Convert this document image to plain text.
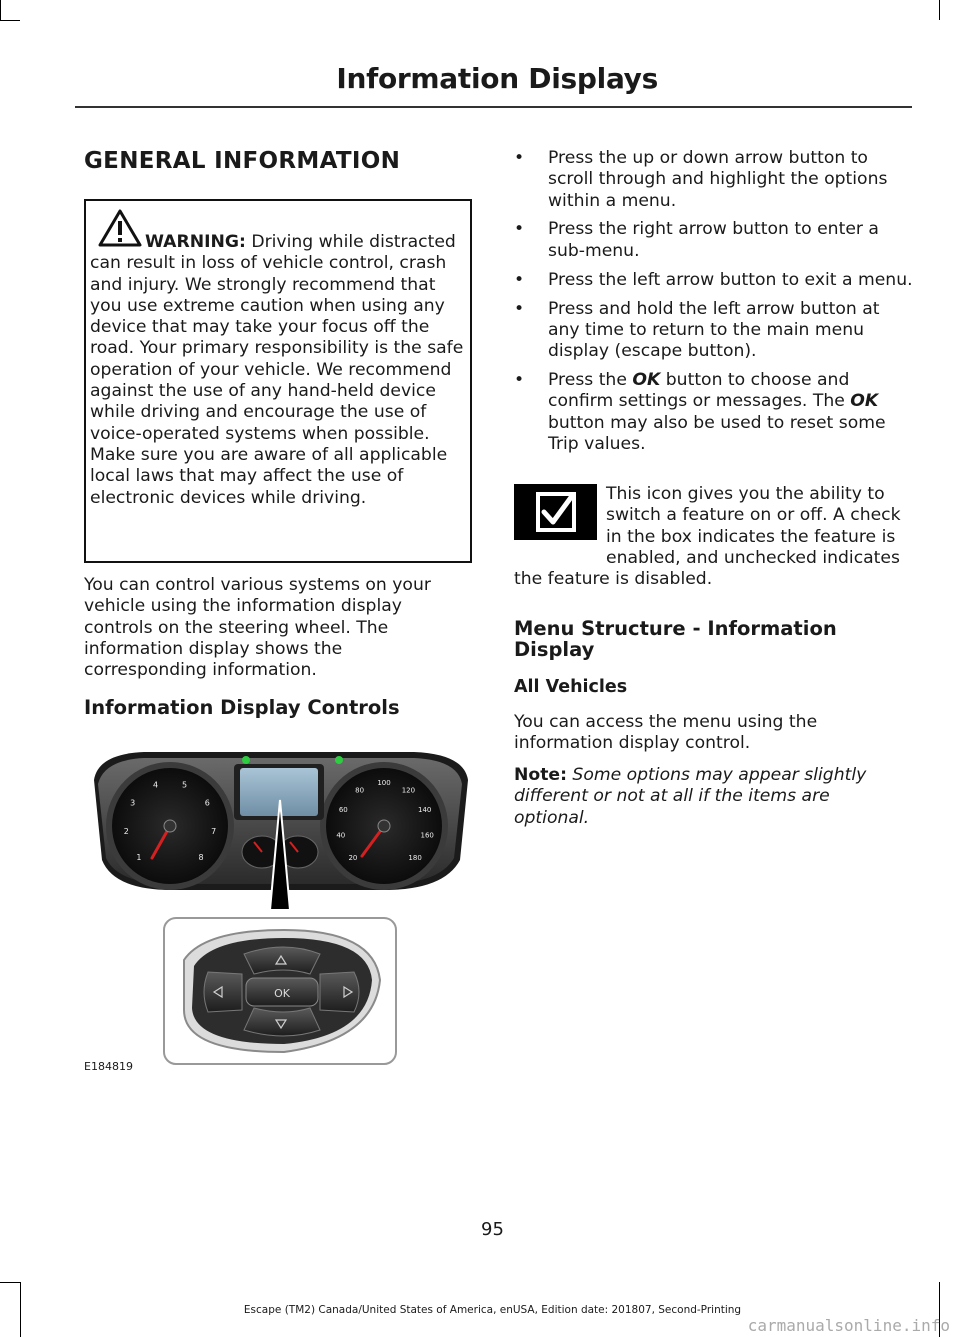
Information Displays
GENERAL INFORMATION
WARNING: Driving while distracted can result in loss of vehicle control, crash and injury. We strongly recommend that you use extreme caution when using any device that may take your focus off the road. Your primary responsibility is the safe operation of your vehicle. We recommend against the use of any hand-held device while driving and encourage the use of voice-operated systems when possible. Make sure you are aware of all applicable local laws that may affect the use of electronic devices while driving.
You can control various systems on your vehicle using the information display controls on the steering wheel. The information display shows the corresponding information.
Information Display Controls
1
2
3
4	5
6
7
8	20
40
60
80
100
120
140
160
180
OK
E184819
• Press the up or down arrow button to scroll through and highlight the options within a menu.
• Press the right arrow button to enter a sub-menu.
• Press the left arrow button to exit a menu.
• Press and hold the left arrow button at any time to return to the main menu display (escape button).
• Press the OK button to choose and confirm settings or messages. The OK button may also be used to reset some Trip values.
This icon gives you the ability to switch a feature on or off. A check in the box indicates the feature is enabled, and unchecked indicates the feature is disabled.
Menu Structure - Information Display
All Vehicles
You can access the menu using the information display control.
Note: Some options may appear slightly different or not at all if the items are optional.
95
Escape (TM2) Canada/United States of America, enUSA, Edition date: 201807, Second-Printing
carmanualsonline.info
